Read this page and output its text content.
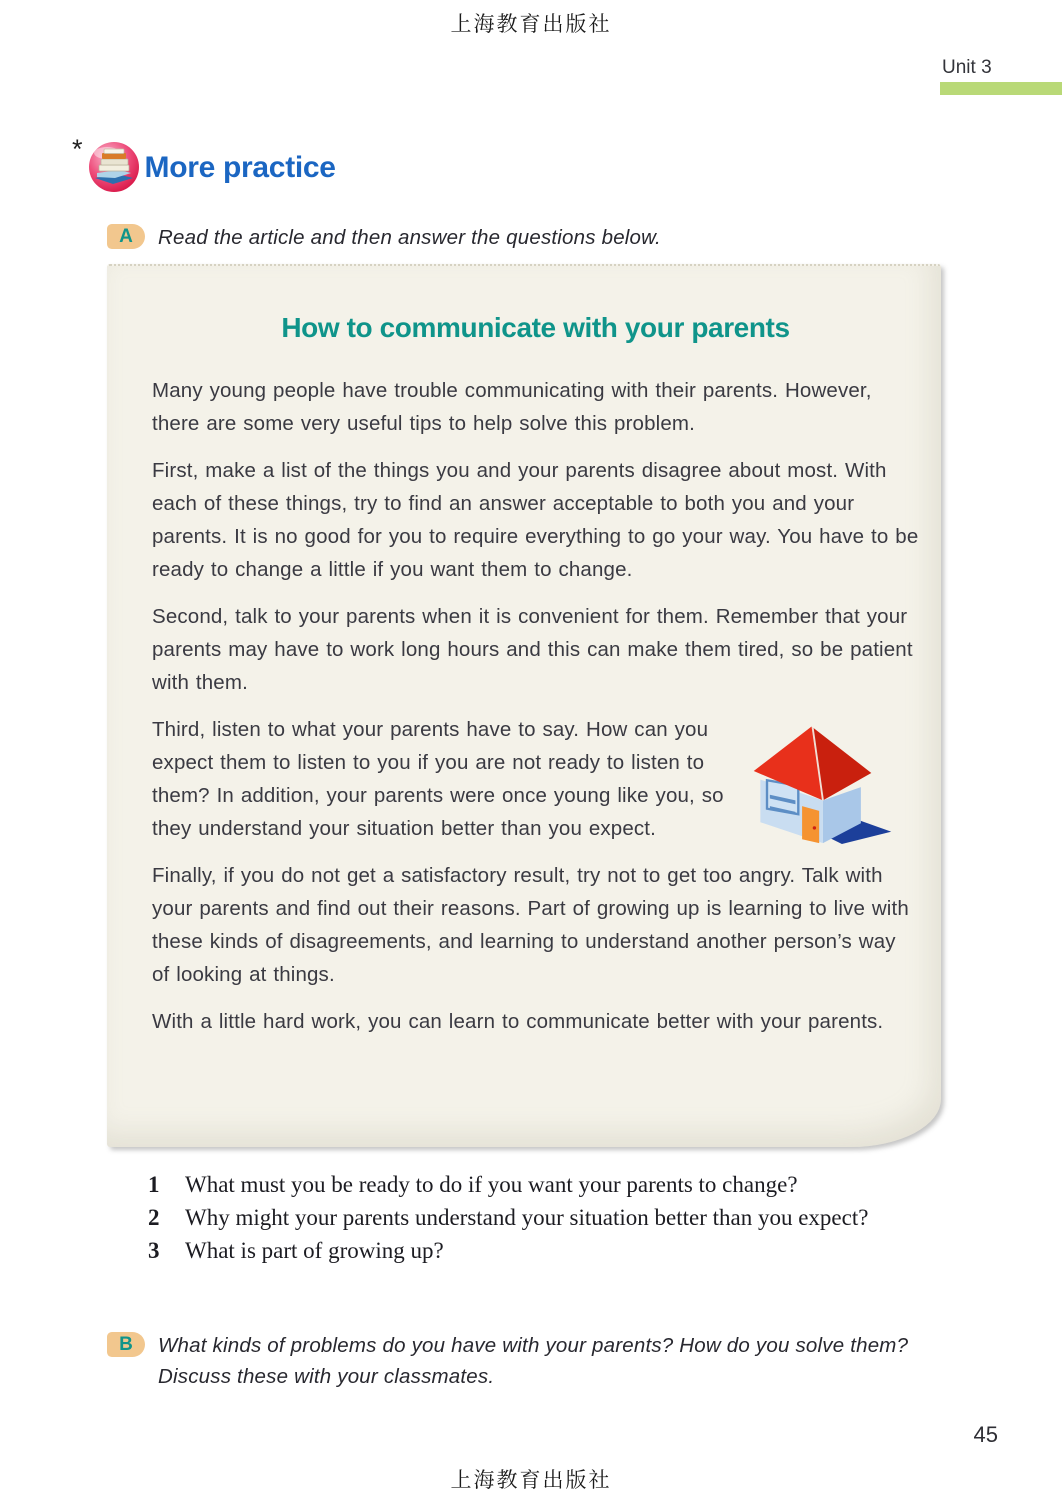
上海教育出版社
Unit 3
*
More practice
A	Read the article and then answer the questions below.
How to communicate with your parents

Many young people have trouble communicating with their parents. However, there are some very useful tips to help solve this problem.

First, make a list of the things you and your parents disagree about most. With each of these things, try to find an answer acceptable to both you and your parents. It is no good for you to require everything to go your way. You have to be ready to change a little if you want them to change.

Second, talk to your parents when it is convenient for them. Remember that your parents may have to work long hours and this can make them tired, so be patient with them.

Third, listen to what your parents have to say. How can you expect them to listen to you if you are not ready to listen to them? In addition, your parents were once young like you, so they understand your situation better than you expect.

Finally, if you do not get a satisfactory result, try not to get too angry. Talk with your parents and find out their reasons. Part of growing up is learning to live with these kinds of disagreements, and learning to understand another person’s way of looking at things.

With a little hard work, you can learn to communicate better with your parents.

1	What must you be ready to do if you want your parents to change?
2	Why might your parents understand your situation better than you expect?
3	What is part of growing up?
B	What kinds of problems do you have with your parents? How do you solve them? Discuss these with your classmates.
45
上海教育出版社
